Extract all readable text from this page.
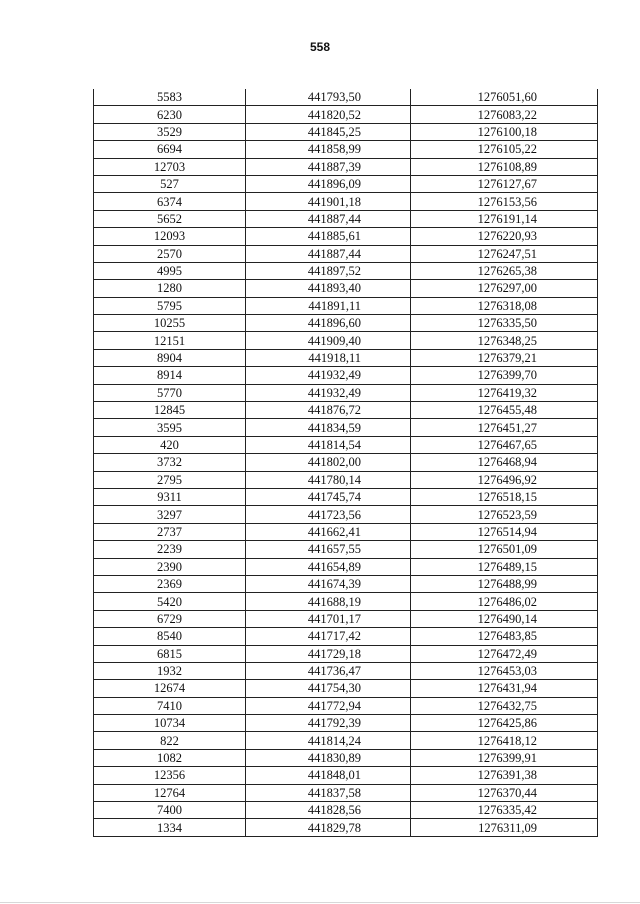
558
5583	441793,50	1276051,60
6230	441820,52	1276083,22
3529	441845,25	1276100,18
6694	441858,99	1276105,22
12703	441887,39	1276108,89
527	441896,09	1276127,67
6374	441901,18	1276153,56
5652	441887,44	1276191,14
12093	441885,61	1276220,93
2570	441887,44	1276247,51
4995	441897,52	1276265,38
1280	441893,40	1276297,00
5795	441891,11	1276318,08
10255	441896,60	1276335,50
12151	441909,40	1276348,25
8904	441918,11	1276379,21
8914	441932,49	1276399,70
5770	441932,49	1276419,32
12845	441876,72	1276455,48
3595	441834,59	1276451,27
420	441814,54	1276467,65
3732	441802,00	1276468,94
2795	441780,14	1276496,92
9311	441745,74	1276518,15
3297	441723,56	1276523,59
2737	441662,41	1276514,94
2239	441657,55	1276501,09
2390	441654,89	1276489,15
2369	441674,39	1276488,99
5420	441688,19	1276486,02
6729	441701,17	1276490,14
8540	441717,42	1276483,85
6815	441729,18	1276472,49
1932	441736,47	1276453,03
12674	441754,30	1276431,94
7410	441772,94	1276432,75
10734	441792,39	1276425,86
822	441814,24	1276418,12
1082	441830,89	1276399,91
12356	441848,01	1276391,38
12764	441837,58	1276370,44
7400	441828,56	1276335,42
1334	441829,78	1276311,09
